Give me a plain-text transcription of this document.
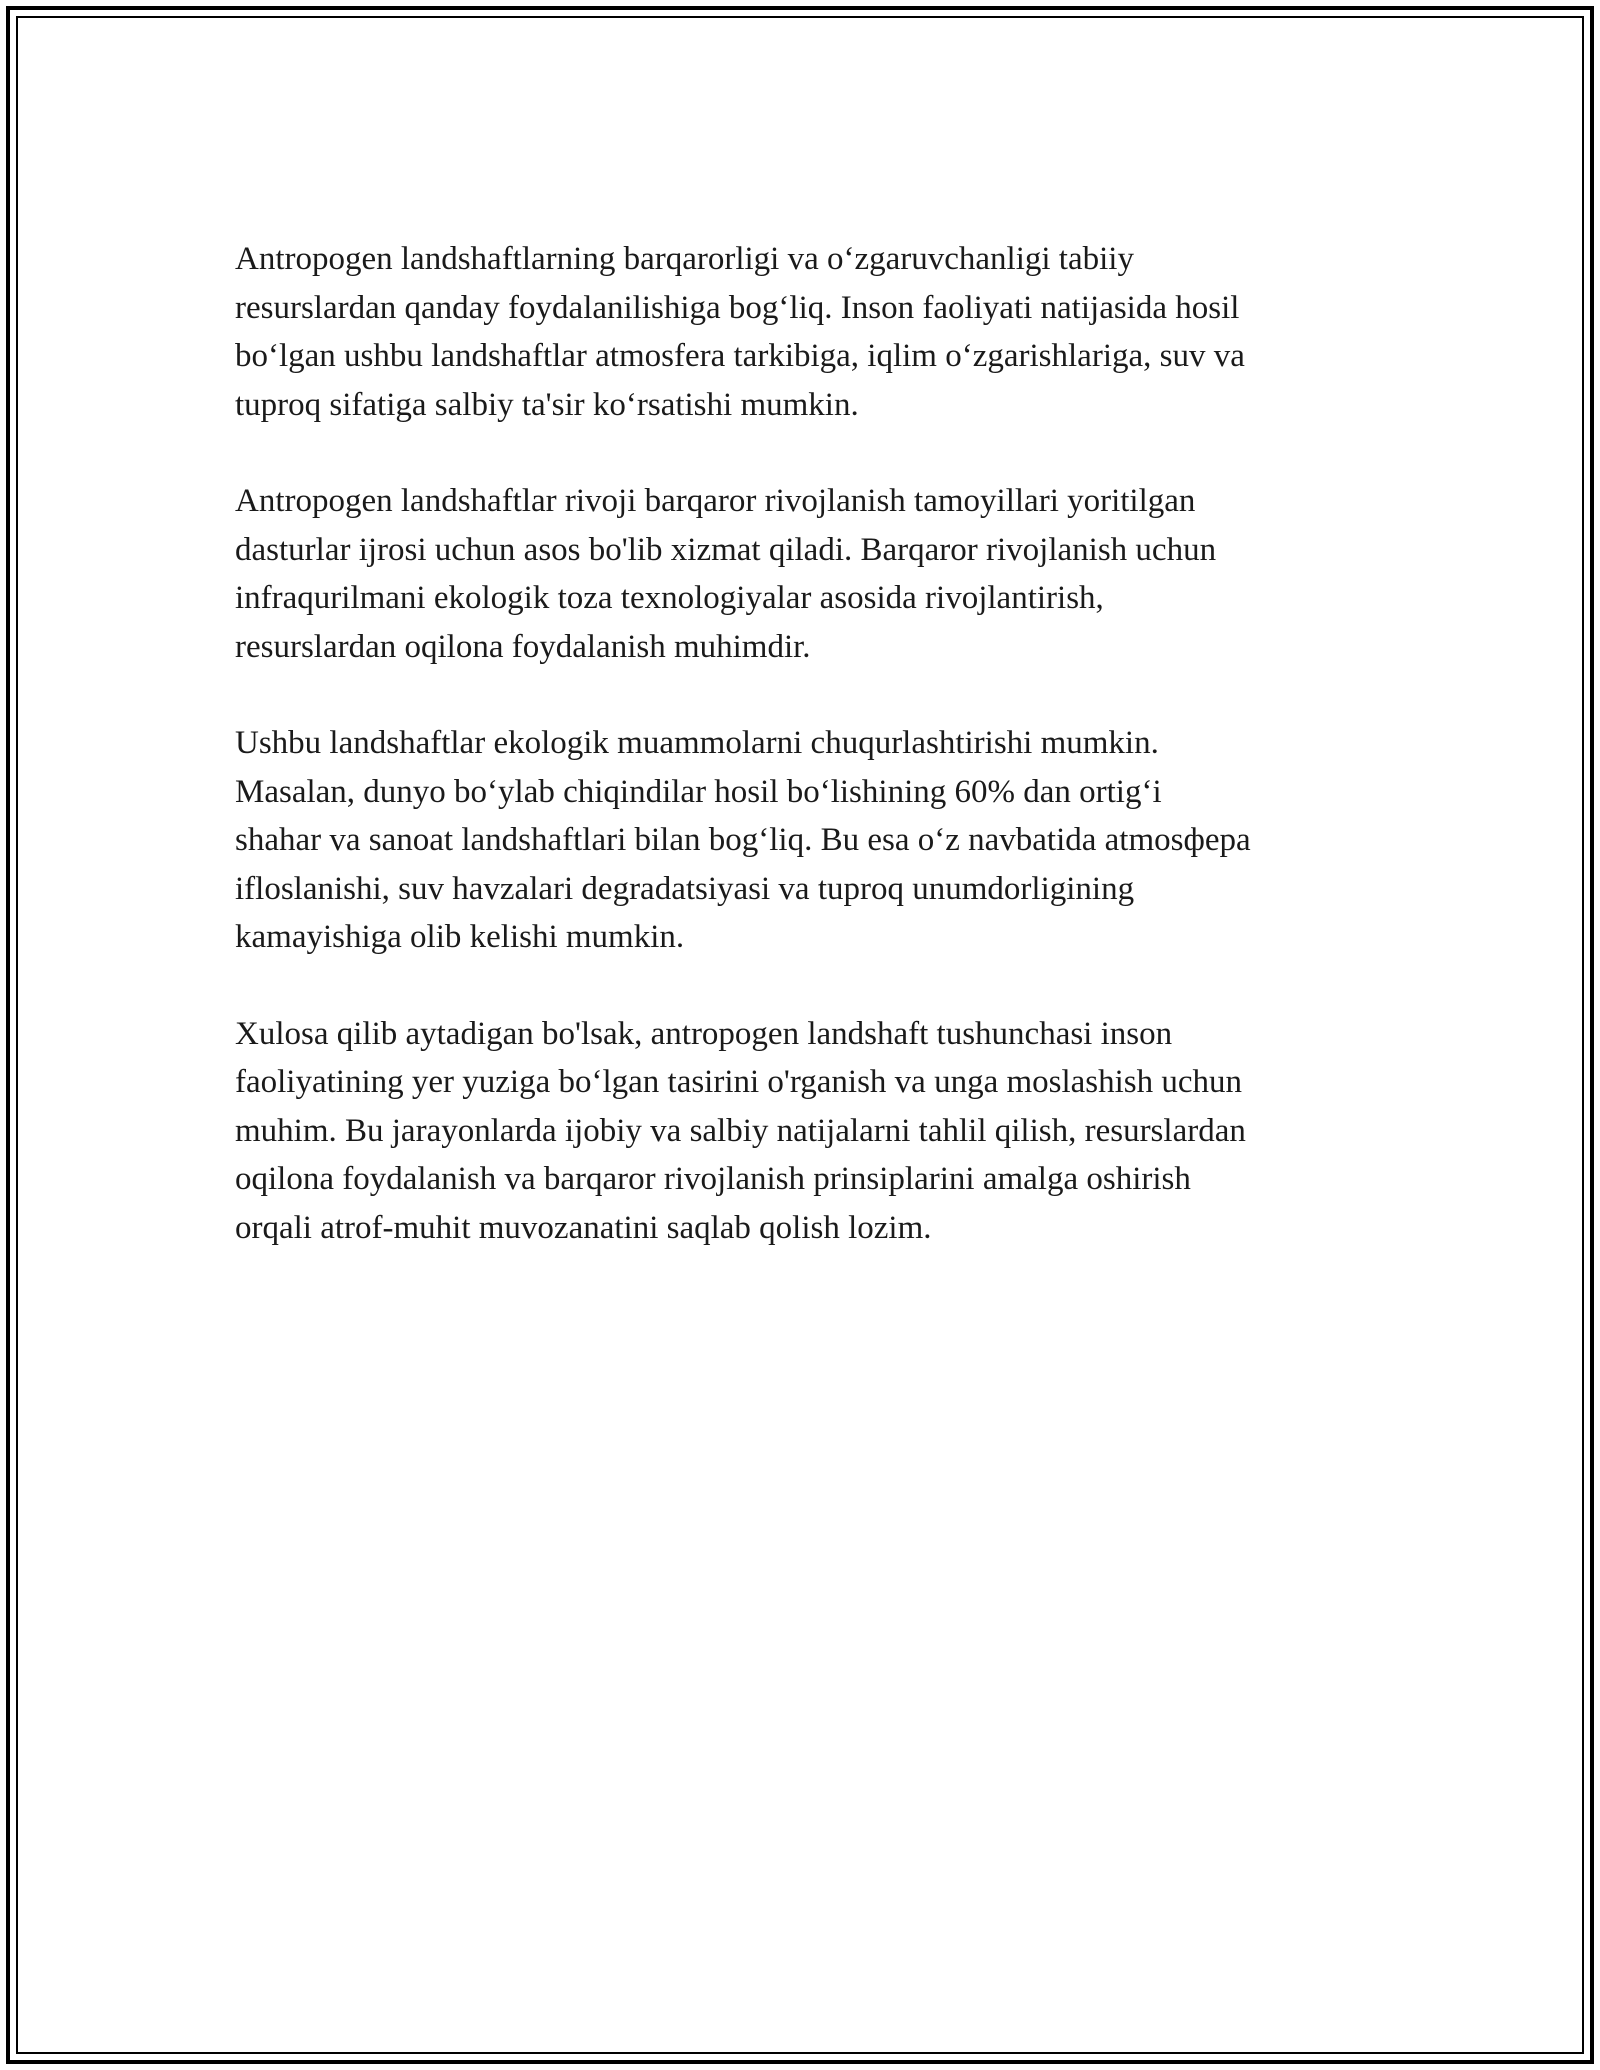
Antropogen landshaftlarning barqarorligi va o‘zgaruvchanligi tabiiy
resurslardan qanday foydalanilishiga bog‘liq. Inson faoliyati natijasida hosil
bo‘lgan ushbu landshaftlar atmosfera tarkibiga, iqlim o‘zgarishlariga, suv va
tuproq sifatiga salbiy ta'sir ko‘rsatishi mumkin.

Antropogen landshaftlar rivoji barqaror rivojlanish tamoyillari yoritilgan
dasturlar ijrosi uchun asos bo'lib xizmat qiladi. Barqaror rivojlanish uchun
infraqurilmani ekologik toza texnologiyalar asosida rivojlantirish,
resurslardan oqilona foydalanish muhimdir.

Ushbu landshaftlar ekologik muammolarni chuqurlashtirishi mumkin.
Masalan, dunyo bo‘ylab chiqindilar hosil bo‘lishining 60% dan ortig‘i
shahar va sanoat landshaftlari bilan bog‘liq. Bu esa o‘z navbatida atmosфера
ifloslanishi, suv havzalari degradatsiyasi va tuproq unumdorligining
kamayishiga olib kelishi mumkin.

Xulosa qilib aytadigan bo'lsak, antropogen landshaft tushunchasi inson
faoliyatining yer yuziga bo‘lgan tasirini o'rganish va unga moslashish uchun
muhim. Bu jarayonlarda ijobiy va salbiy natijalarni tahlil qilish, resurslardan
oqilona foydalanish va barqaror rivojlanish prinsiplarini amalga oshirish
orqali atrof-muhit muvozanatini saqlab qolish lozim.
